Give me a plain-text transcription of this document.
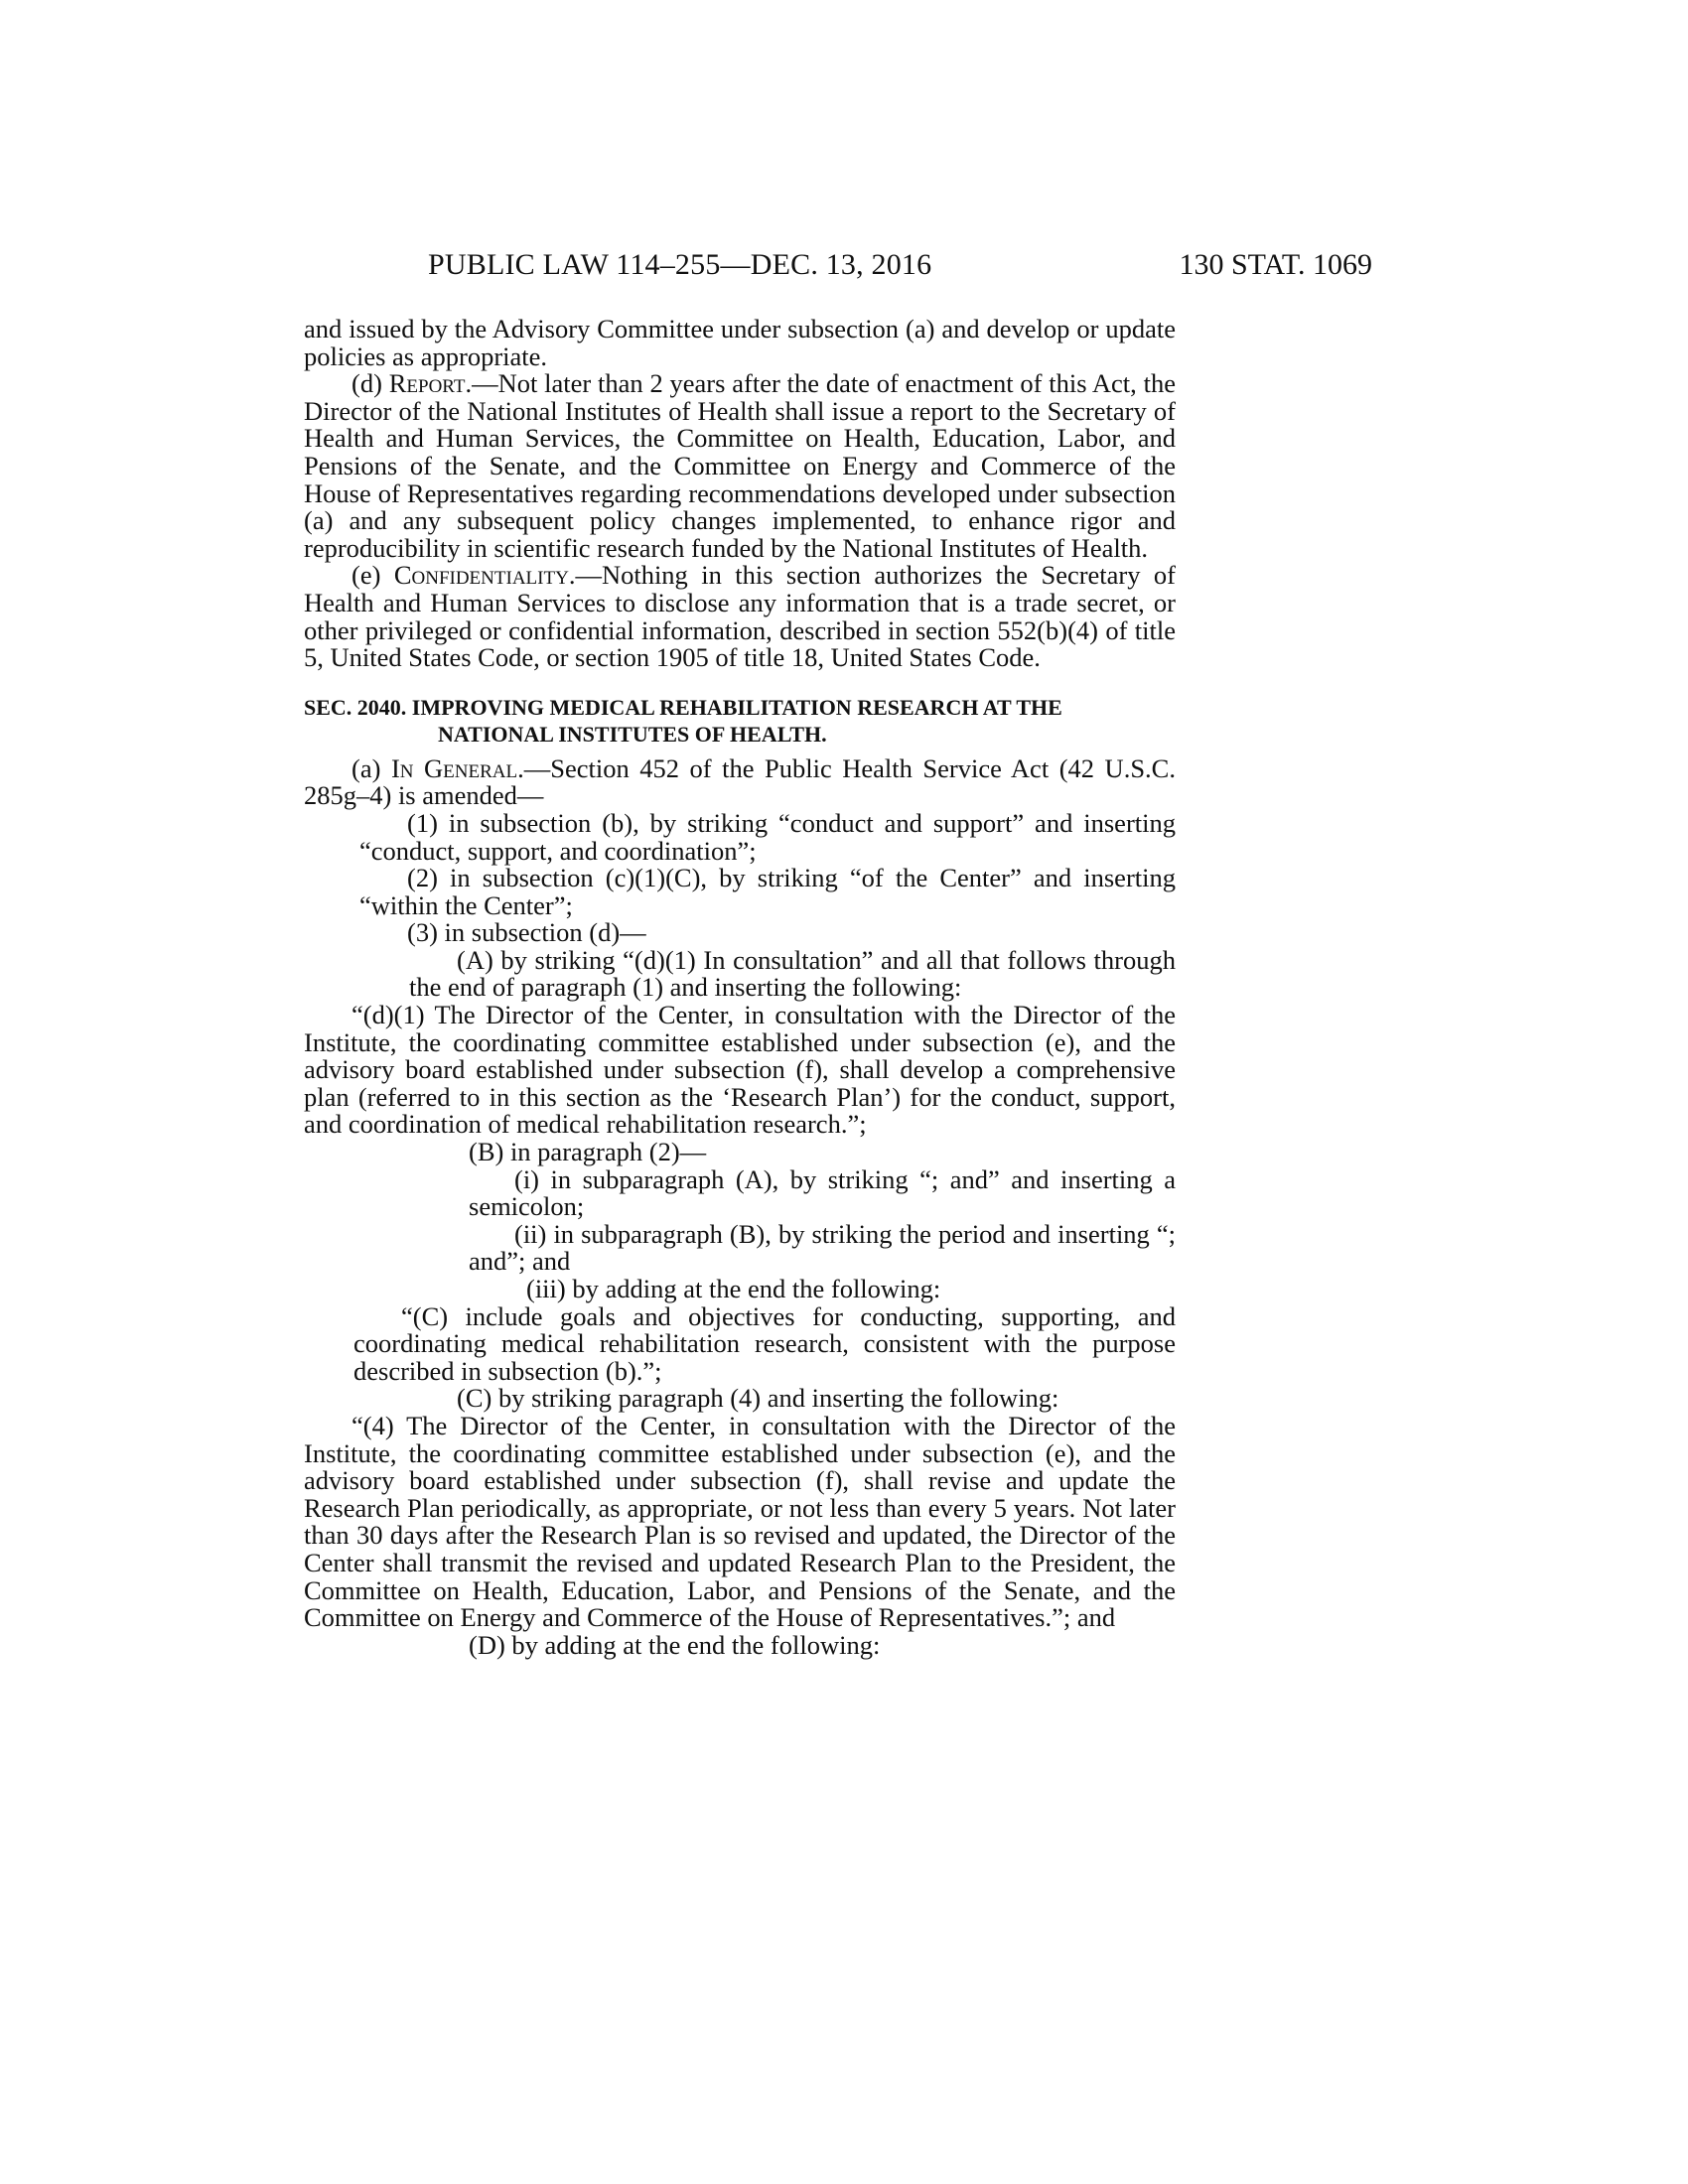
PUBLIC LAW 114–255—DEC. 13, 2016	130 STAT. 1069

and issued by the Advisory Committee under subsection (a) and develop or update policies as appropriate.

(d) Report.—Not later than 2 years after the date of enactment of this Act, the Director of the National Institutes of Health shall issue a report to the Secretary of Health and Human Services, the Committee on Health, Education, Labor, and Pensions of the Senate, and the Committee on Energy and Commerce of the House of Representatives regarding recommendations developed under subsection (a) and any subsequent policy changes implemented, to enhance rigor and reproducibility in scientific research funded by the National Institutes of Health.

(e) Confidentiality.—Nothing in this section authorizes the Secretary of Health and Human Services to disclose any information that is a trade secret, or other privileged or confidential information, described in section 552(b)(4) of title 5, United States Code, or section 1905 of title 18, United States Code.

SEC. 2040. IMPROVING MEDICAL REHABILITATION RESEARCH AT THE
NATIONAL INSTITUTES OF HEALTH.

(a) In General.—Section 452 of the Public Health Service Act (42 U.S.C. 285g–4) is amended—

(1) in subsection (b), by striking “conduct and support” and inserting “conduct, support, and coordination”;

(2) in subsection (c)(1)(C), by striking “of the Center” and inserting “within the Center”;

(3) in subsection (d)—

(A) by striking “(d)(1) In consultation” and all that follows through the end of paragraph (1) and inserting the following:

“(d)(1) The Director of the Center, in consultation with the Director of the Institute, the coordinating committee established under subsection (e), and the advisory board established under subsection (f), shall develop a comprehensive plan (referred to in this section as the ‘Research Plan’) for the conduct, support, and coordination of medical rehabilitation research.”;

(B) in paragraph (2)—

(i) in subparagraph (A), by striking “; and” and inserting a semicolon;

(ii) in subparagraph (B), by striking the period and inserting “; and”; and

(iii) by adding at the end the following:

“(C) include goals and objectives for conducting, supporting, and coordinating medical rehabilitation research, consistent with the purpose described in subsection (b).”;

(C) by striking paragraph (4) and inserting the following:

“(4) The Director of the Center, in consultation with the Director of the Institute, the coordinating committee established under subsection (e), and the advisory board established under subsection (f), shall revise and update the Research Plan periodically, as appropriate, or not less than every 5 years. Not later than 30 days after the Research Plan is so revised and updated, the Director of the Center shall transmit the revised and updated Research Plan to the President, the Committee on Health, Education, Labor, and Pensions of the Senate, and the Committee on Energy and Commerce of the House of Representatives.”; and

(D) by adding at the end the following:
